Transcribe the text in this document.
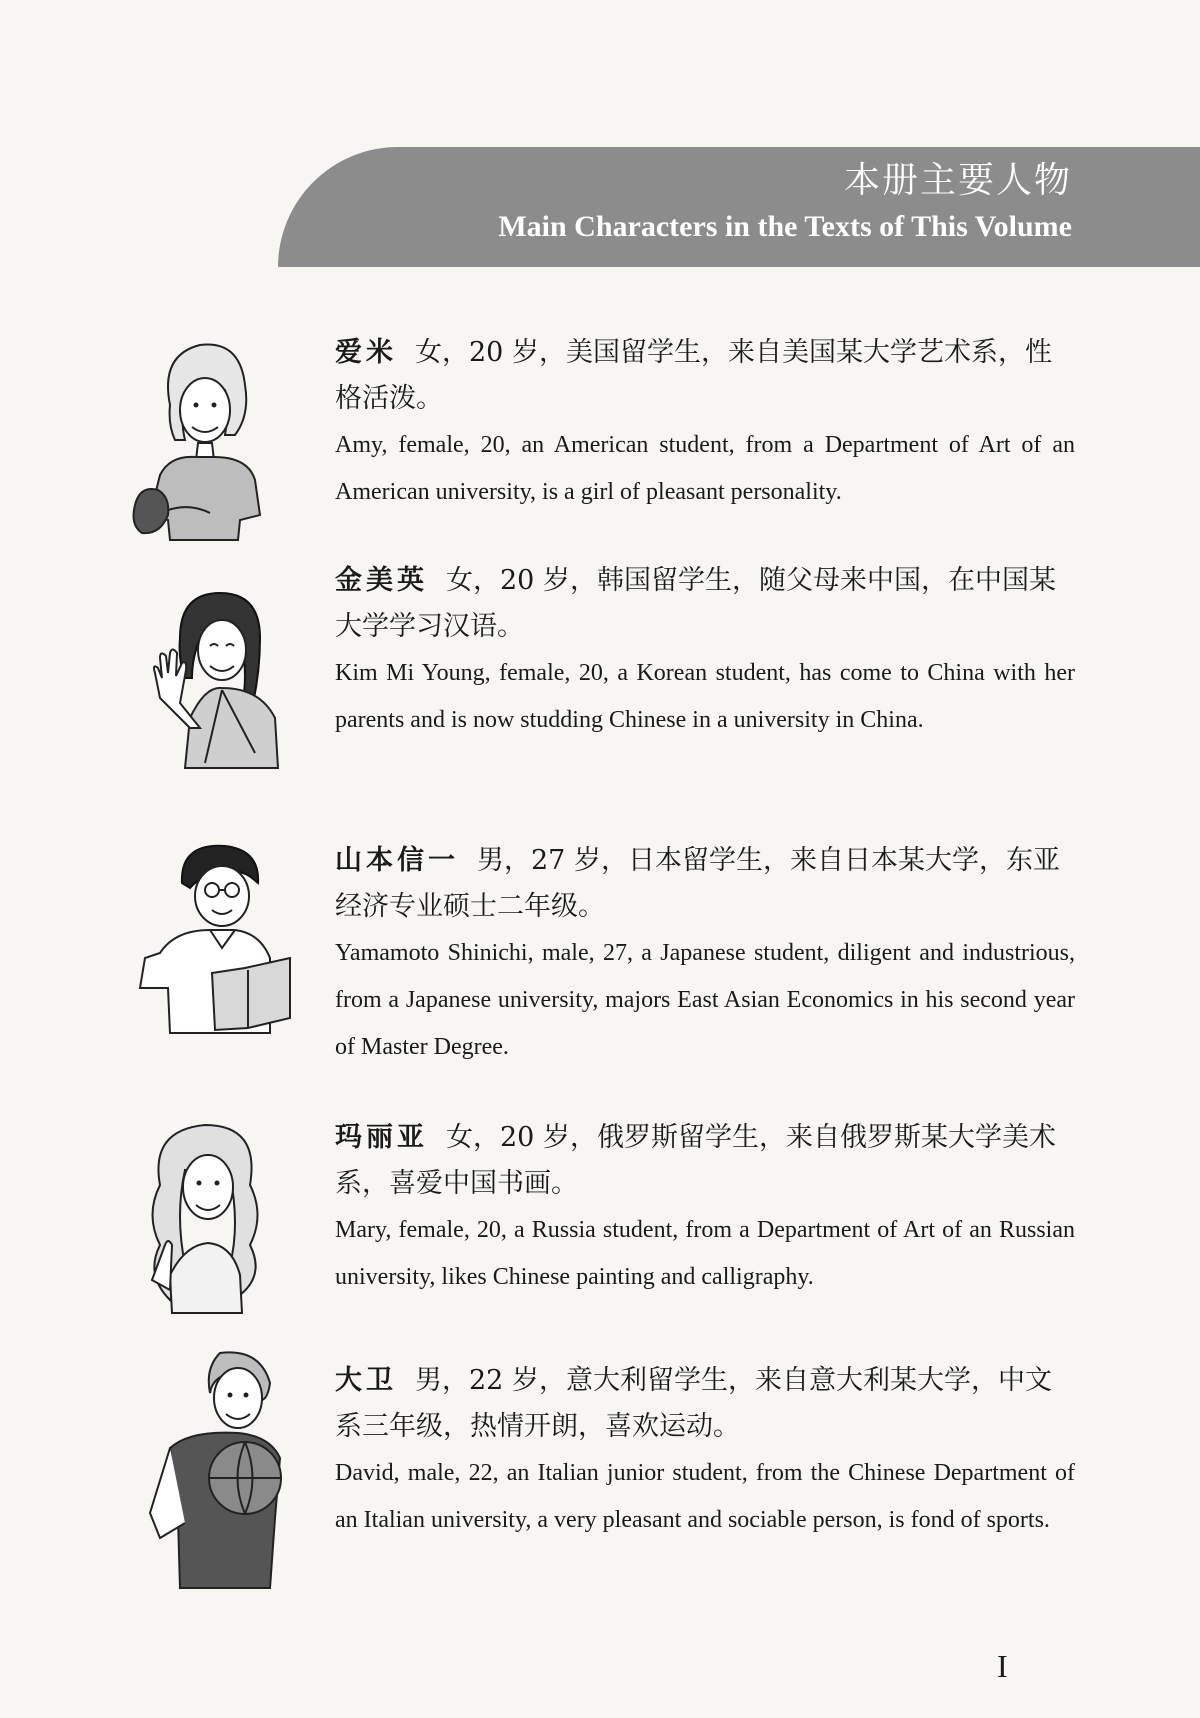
本册主要人物
Main Characters in the Texts of This Volume

爱米 女，20 岁，美国留学生，来自美国某大学艺术系，性格活泼。

Amy, female, 20, an American student, from a Department of Art of an American university, is a girl of pleasant personality.

金美英 女，20 岁，韩国留学生，随父母来中国，在中国某大学学习汉语。

Kim Mi Young, female, 20, a Korean student, has come to China with her parents and is now studding Chinese in a university in China.

山本信一 男，27 岁，日本留学生，来自日本某大学，东亚经济专业硕士二年级。

Yamamoto Shinichi, male, 27, a Japanese student, diligent and industrious, from a Japanese university, majors East Asian Economics in his second year of Master Degree.

玛丽亚 女，20 岁，俄罗斯留学生，来自俄罗斯某大学美术系，喜爱中国书画。

Mary, female, 20, a Russia student, from a Department of Art of an Russian university, likes Chinese painting and calligraphy.

大卫 男，22 岁，意大利留学生，来自意大利某大学，中文系三年级，热情开朗，喜欢运动。

David, male, 22, an Italian junior student, from the Chinese Department of an Italian university, a very pleasant and sociable person, is fond of sports.

I
